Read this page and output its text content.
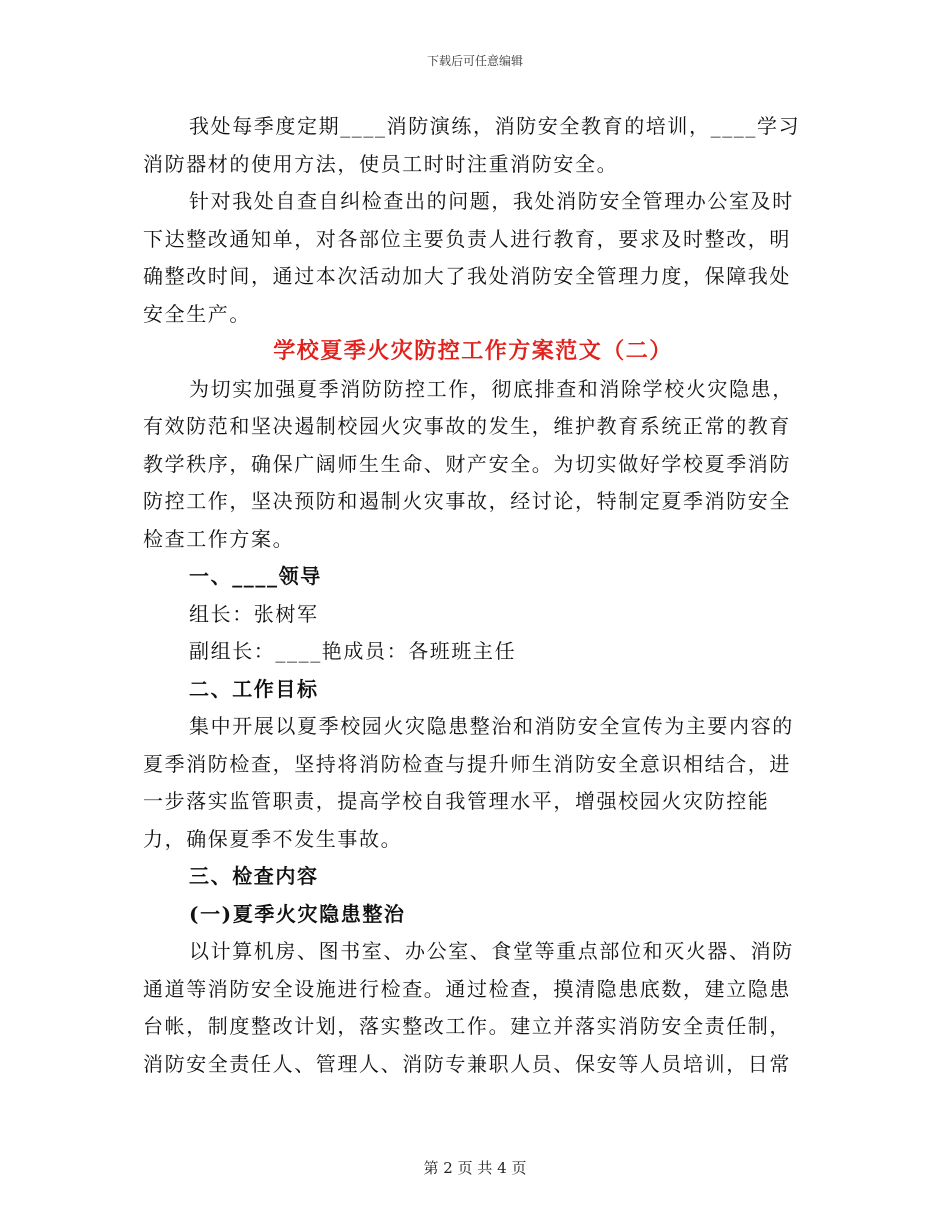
下载后可任意编辑

我处每季度定期____消防演练，消防安全教育的培训，____学习消防器材的使用方法，使员工时时注重消防安全。

针对我处自查自纠检查出的问题，我处消防安全管理办公室及时下达整改通知单，对各部位主要负责人进行教育，要求及时整改，明确整改时间，通过本次活动加大了我处消防安全管理力度，保障我处安全生产。

学校夏季火灾防控工作方案范文（二）

为切实加强夏季消防防控工作，彻底排查和消除学校火灾隐患，有效防范和坚决遏制校园火灾事故的发生，维护教育系统正常的教育教学秩序，确保广阔师生生命、财产安全。为切实做好学校夏季消防防控工作，坚决预防和遏制火灾事故，经讨论，特制定夏季消防安全检查工作方案。

一、____领导

组长：张树军

副组长：____艳成员：各班班主任

二、工作目标

集中开展以夏季校园火灾隐患整治和消防安全宣传为主要内容的夏季消防检查，坚持将消防检查与提升师生消防安全意识相结合，进一步落实监管职责，提高学校自我管理水平，增强校园火灾防控能力，确保夏季不发生事故。

三、检查内容

(一)夏季火灾隐患整治

以计算机房、图书室、办公室、食堂等重点部位和灭火器、消防通道等消防安全设施进行检查。通过检查，摸清隐患底数，建立隐患台帐，制度整改计划，落实整改工作。建立并落实消防安全责任制，消防安全责任人、管理人、消防专兼职人员、保安等人员培训，日常

第 2 页 共 4 页
